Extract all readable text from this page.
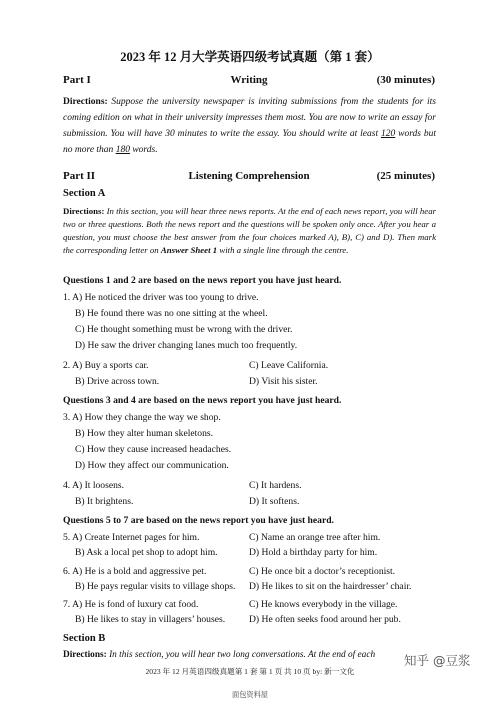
2023 年 12 月大学英语四级考试真题（第 1 套）
Part I	Writing	(30 minutes)
Directions: Suppose the university newspaper is inviting submissions from the students for its coming edition on what in their university impresses them most. You are now to write an essay for submission. You will have 30 minutes to write the essay. You should write at least 120 words but no more than 180 words.
Part II	Listening Comprehension	(25 minutes)
Section A
Directions: In this section, you will hear three news reports. At the end of each news report, you will hear two or three questions. Both the news report and the questions will be spoken only once. After you hear a question, you must choose the best answer from the four choices marked A), B), C) and D). Then mark the corresponding letter on Answer Sheet 1 with a single line through the centre.
Questions 1 and 2 are based on the news report you have just heard.
1. A) He noticed the driver was too young to drive.
B) He found there was no one sitting at the wheel.
C) He thought something must be wrong with the driver.
D) He saw the driver changing lanes much too frequently.
2. A) Buy a sports car.	C) Leave California.
B) Drive across town.	D) Visit his sister.
Questions 3 and 4 are based on the news report you have just heard.
3. A) How they change the way we shop.
B) How they alter human skeletons.
C) How they cause increased headaches.
D) How they affect our communication.
4. A) It loosens.	C) It hardens.
B) It brightens.	D) It softens.
Questions 5 to 7 are based on the news report you have just heard.
5. A) Create Internet pages for him.	C) Name an orange tree after him.
B) Ask a local pet shop to adopt him.	D) Hold a birthday party for him.
6. A) He is a bold and aggressive pet.	C) He once bit a doctor’s receptionist.
B) He pays regular visits to village shops. D) He likes to sit on the hairdresser’ chair.
7. A) He is fond of luxury cat food.	C) He knows everybody in the village.
B) He likes to stay in villagers’ houses. D) He often seeks food around her pub.
Section B
Directions: In this section, you will hear two long conversations. At the end of each 知乎 @豆浆
2023 年 12 月英语四级真题第 1 套 第 1 页 共 10 页 by: 新一文化
面包资料屋
